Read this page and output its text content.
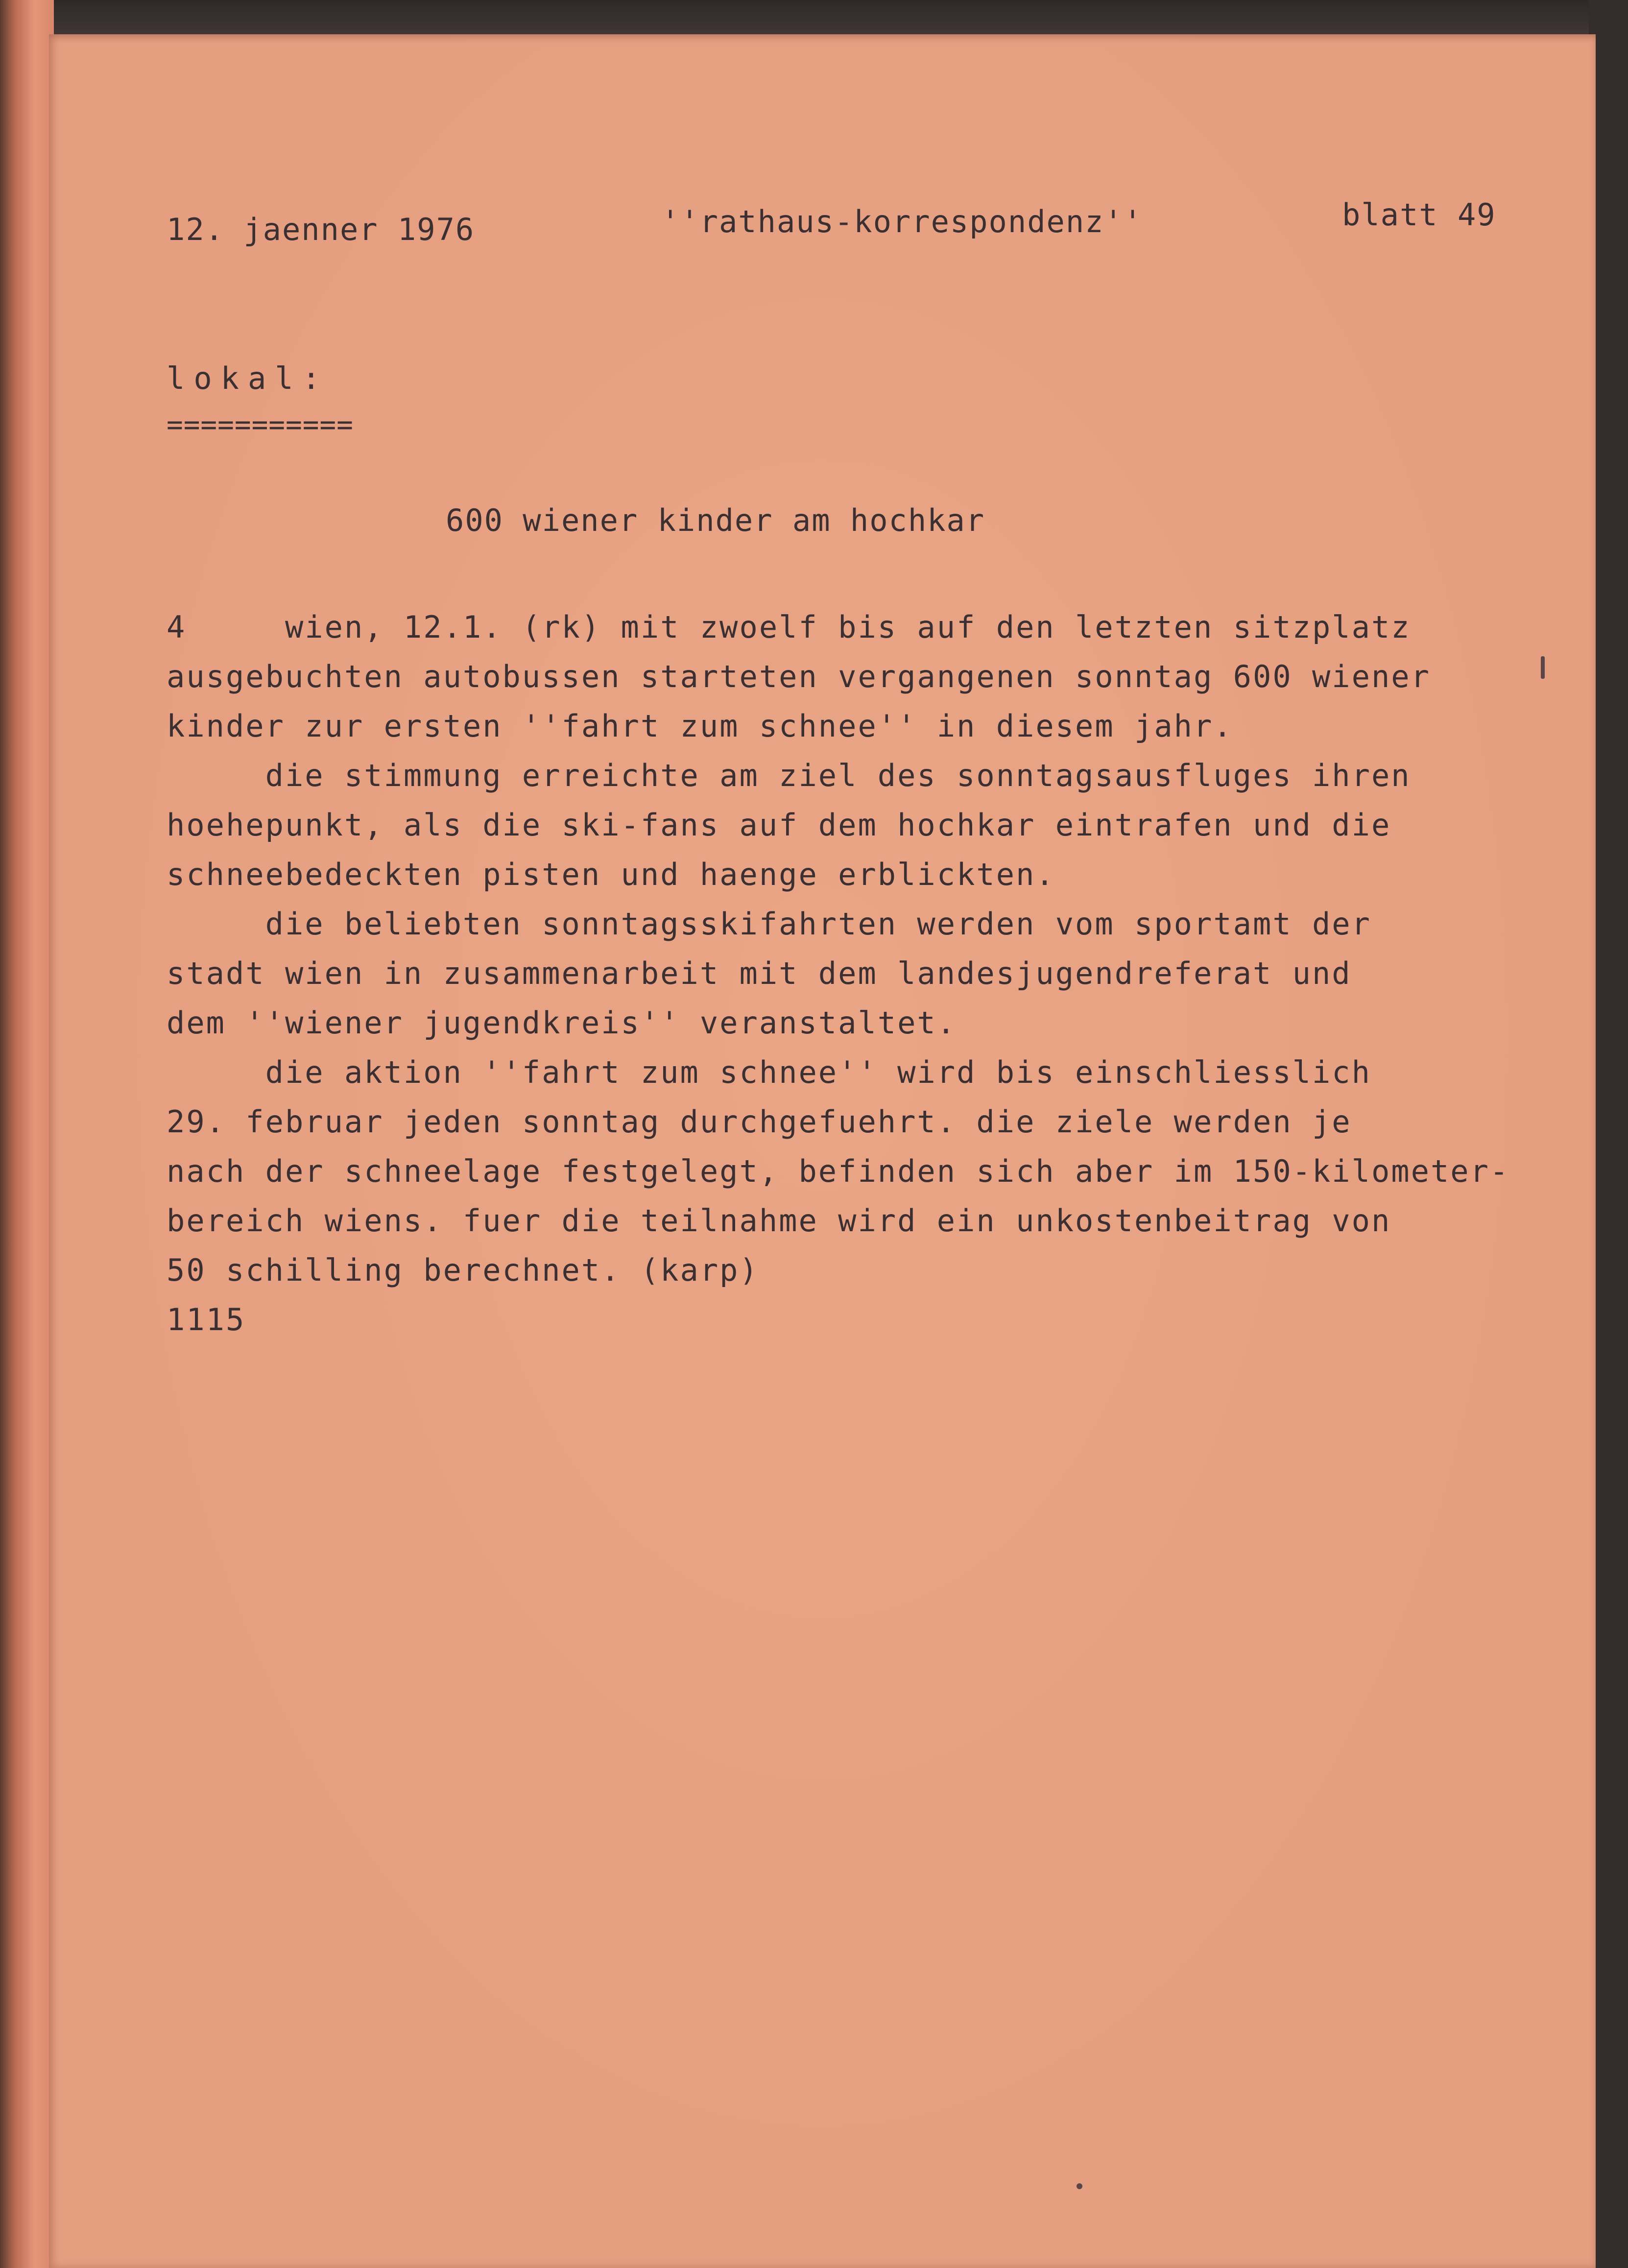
12. jaenner 1976	''rathaus-korrespondenz''	blatt 49
lokal:
===========
600 wiener kinder am hochkar
4     wien, 12.1. (rk) mit zwoelf bis auf den letzten sitzplatz
ausgebuchten autobussen starteten vergangenen sonntag 600 wiener
kinder zur ersten ''fahrt zum schnee'' in diesem jahr.
die stimmung erreichte am ziel des sonntagsausfluges ihren
hoehepunkt, als die ski-fans auf dem hochkar eintrafen und die
schneebedeckten pisten und haenge erblickten.
die beliebten sonntagsskifahrten werden vom sportamt der
stadt wien in zusammenarbeit mit dem landesjugendreferat und
dem ''wiener jugendkreis'' veranstaltet.
die aktion ''fahrt zum schnee'' wird bis einschliesslich
29. februar jeden sonntag durchgefuehrt. die ziele werden je
nach der schneelage festgelegt, befinden sich aber im 150-kilometer-
bereich wiens. fuer die teilnahme wird ein unkostenbeitrag von
50 schilling berechnet. (karp)
1115
